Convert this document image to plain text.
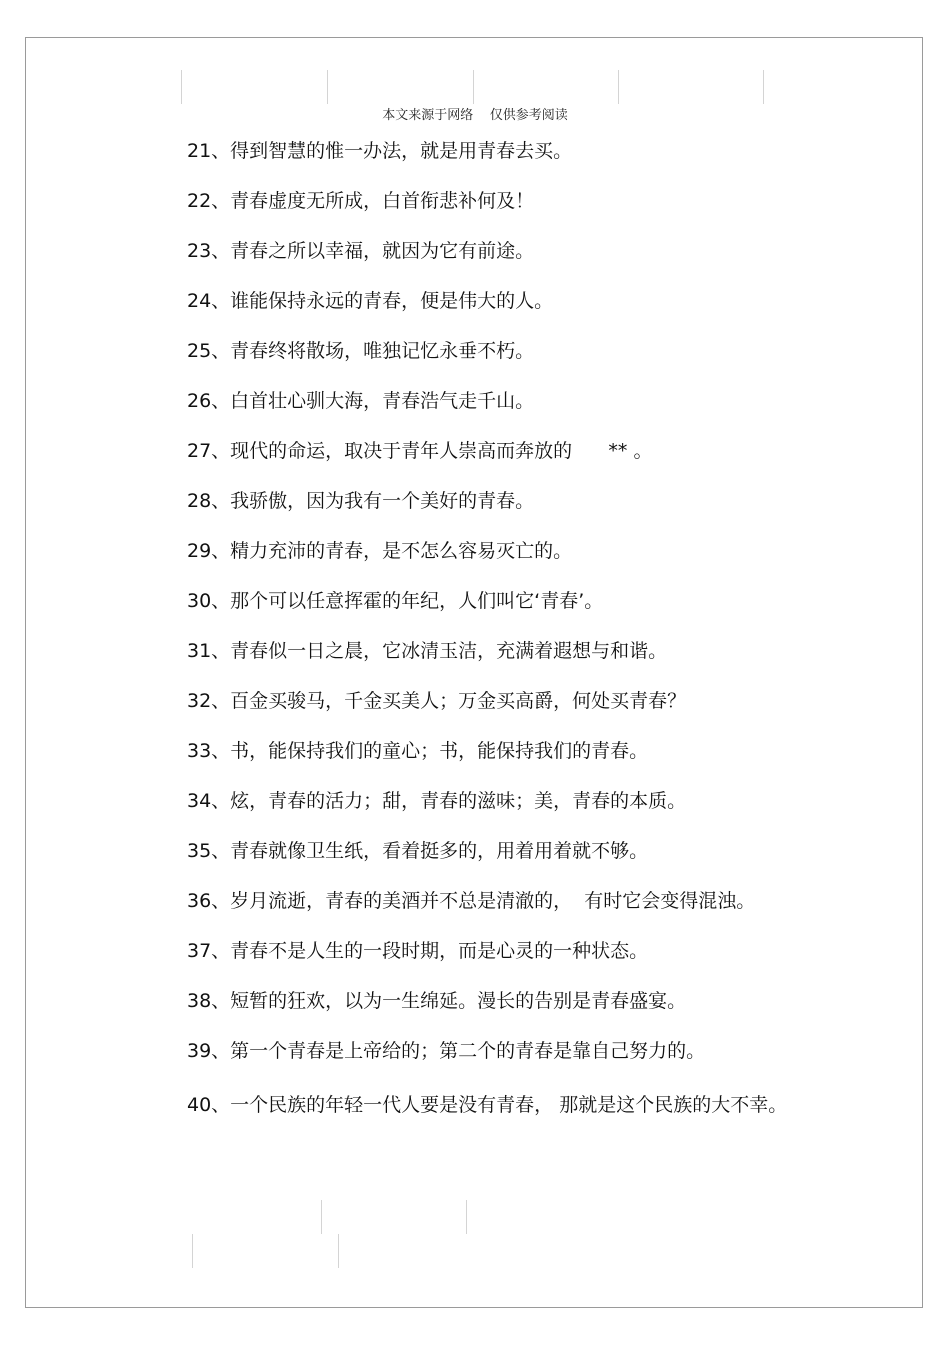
本文来源于网络    仅供参考阅读
21、得到智慧的惟一办法，就是用青春去买。
22、青春虚度无所成，白首衔悲补何及！
23、青春之所以幸福，就因为它有前途。
24、谁能保持永远的青春，便是伟大的人。
25、青春终将散场，唯独记忆永垂不朽。
26、白首壮心驯大海，青春浩气走千山。
27、现代的命运，取决于青年人崇高而奔放的      ** 。
28、我骄傲，因为我有一个美好的青春。
29、精力充沛的青春，是不怎么容易灭亡的。
30、那个可以任意挥霍的年纪，人们叫它‘青春’。
31、青春似一日之晨，它冰清玉洁，充满着遐想与和谐。
32、百金买骏马，千金买美人；万金买高爵，何处买青春？
33、书，能保持我们的童心；书，能保持我们的青春。
34、炫，青春的活力；甜，青春的滋味；美，青春的本质。
35、青春就像卫生纸，看着挺多的，用着用着就不够。
36、岁月流逝，青春的美酒并不总是清澈的，  有时它会变得混浊。
37、青春不是人生的一段时期，而是心灵的一种状态。
38、短暂的狂欢，以为一生绵延。漫长的告别是青春盛宴。
39、第一个青春是上帝给的；第二个的青春是靠自己努力的。
40、一个民族的年轻一代人要是没有青春， 那就是这个民族的大不幸。
